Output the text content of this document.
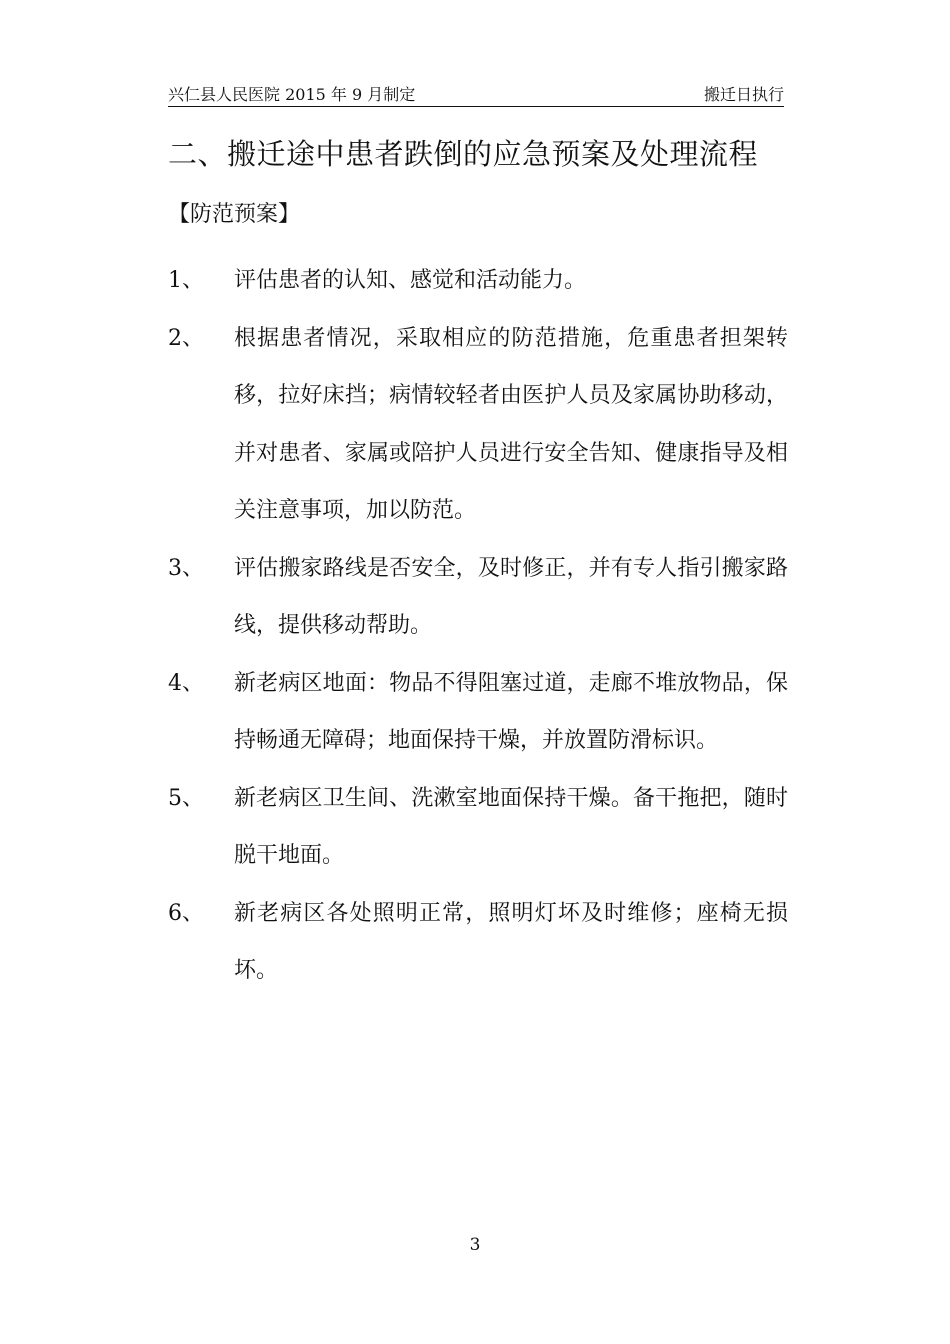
兴仁县人民医院 2015 年 9 月制定	搬迁日执行
二、搬迁途中患者跌倒的应急预案及处理流程
【防范预案】
1、	评估患者的认知、感觉和活动能力。
2、	根据患者情况，采取相应的防范措施，危重患者担架转移，拉好床挡；病情较轻者由医护人员及家属协助移动，并对患者、家属或陪护人员进行安全告知、健康指导及相关注意事项，加以防范。
3、	评估搬家路线是否安全，及时修正，并有专人指引搬家路线，提供移动帮助。
4、	新老病区地面：物品不得阻塞过道，走廊不堆放物品，保持畅通无障碍；地面保持干燥，并放置防滑标识。
5、	新老病区卫生间、洗漱室地面保持干燥。备干拖把，随时脱干地面。
6、	新老病区各处照明正常，照明灯坏及时维修；座椅无损坏。
3
